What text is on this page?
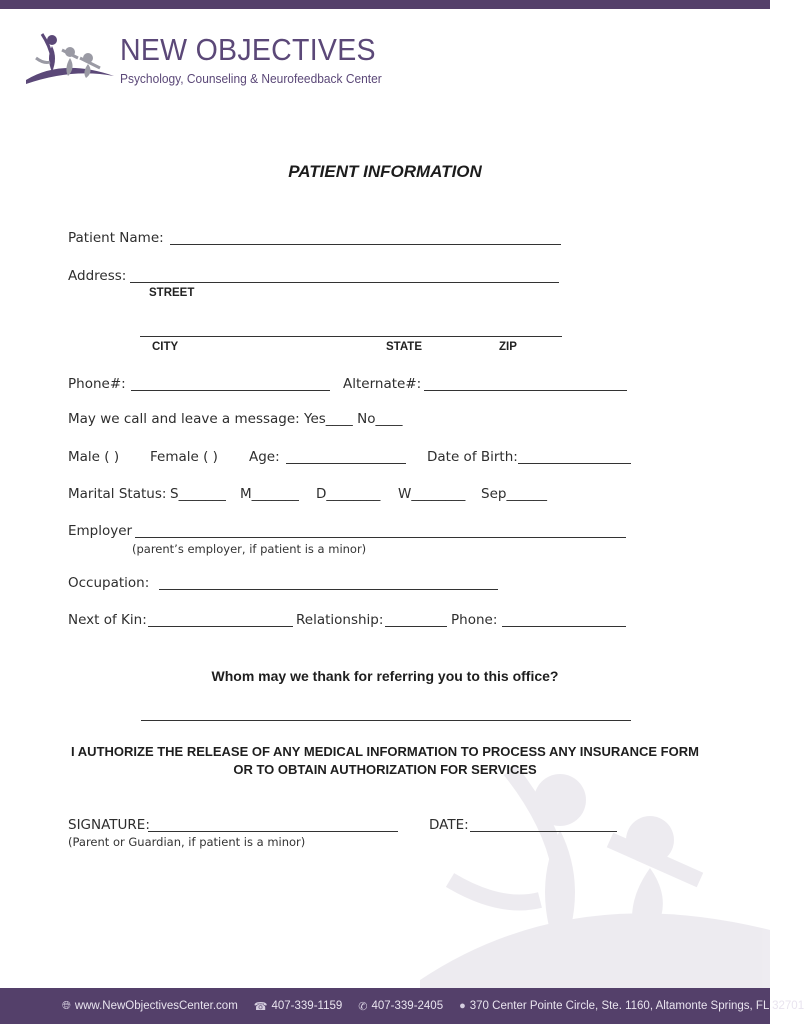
NEW OBJECTIVES
Psychology, Counseling & Neurofeedback Center
PATIENT INFORMATION
Patient Name:
Address:
STREET
CITY	STATE	ZIP
Phone#:	Alternate#:
May we call and leave a message: Yes____ No____
Male ( ) Female ( ) Age:	Date of Birth:
Marital Status: S_______ M_______ D________ W________ Sep______
Employer
(parent’s employer, if patient is a minor)
Occupation:
Next of Kin:	Relationship:	Phone:
Whom may we thank for referring you to this office?
I AUTHORIZE THE RELEASE OF ANY MEDICAL INFORMATION TO PROCESS ANY INSURANCE FORM
OR TO OBTAIN AUTHORIZATION FOR SERVICES
SIGNATURE:
(Parent or Guardian, if patient is a minor)
DATE:
🌐︎ www.NewObjectivesCenter.com ☎ 407-339-1159 ✆ 407-339-2405 ● 370 Center Pointe Circle, Ste. 1160, Altamonte Springs, FL 32701
